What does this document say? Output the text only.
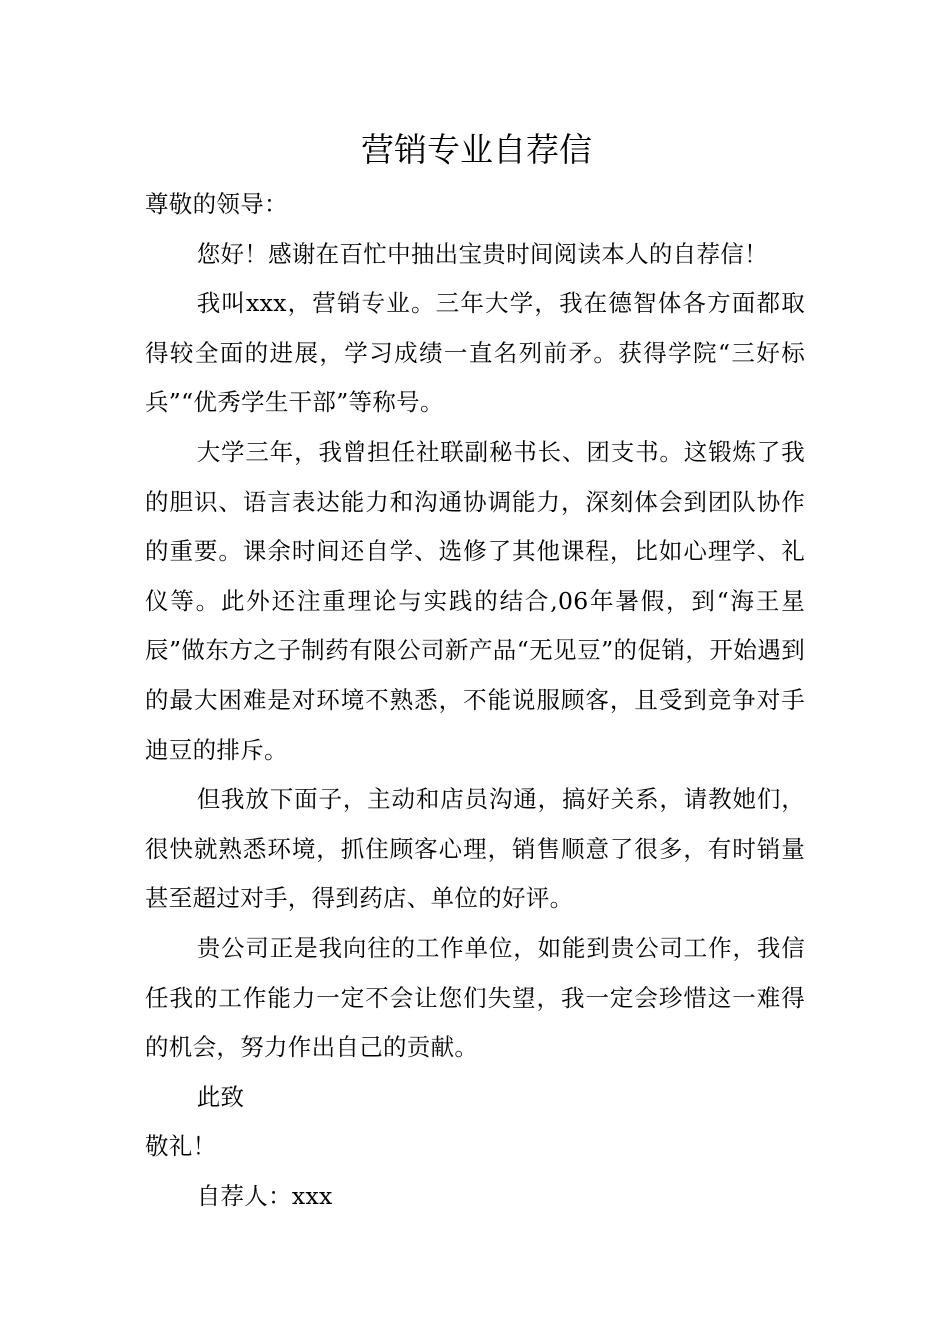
营销专业自荐信

尊敬的领导：

您好！感谢在百忙中抽出宝贵时间阅读本人的自荐信！

我叫xxx，营销专业。三年大学，我在德智体各方面都取得较全面的进展，学习成绩一直名列前矛。获得学院“三好标兵”“优秀学生干部”等称号。

大学三年，我曾担任社联副秘书长、团支书。这锻炼了我的胆识、语言表达能力和沟通协调能力，深刻体会到团队协作的重要。课余时间还自学、选修了其他课程，比如心理学、礼仪等。此外还注重理论与实践的结合,06年暑假，到“海王星辰”做东方之子制药有限公司新产品“无见豆”的促销，开始遇到的最大困难是对环境不熟悉，不能说服顾客，且受到竞争对手迪豆的排斥。

但我放下面子，主动和店员沟通，搞好关系，请教她们，很快就熟悉环境，抓住顾客心理，销售顺意了很多，有时销量甚至超过对手，得到药店、单位的好评。

贵公司正是我向往的工作单位，如能到贵公司工作，我信任我的工作能力一定不会让您们失望，我一定会珍惜这一难得的机会，努力作出自己的贡献。

此致

敬礼！

自荐人：xxx
